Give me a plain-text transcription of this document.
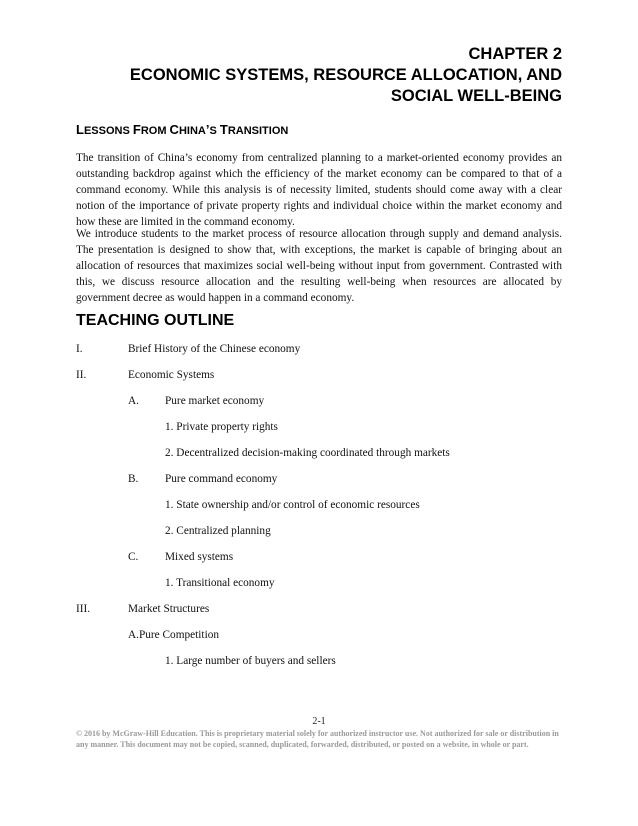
CHAPTER 2
ECONOMIC SYSTEMS, RESOURCE ALLOCATION, AND
SOCIAL WELL-BEING
LESSONS FROM CHINA’S TRANSITION

The transition of China’s economy from centralized planning to a market-oriented economy provides an outstanding backdrop against which the efficiency of the market economy can be compared to that of a command economy. While this analysis is of necessity limited, students should come away with a clear notion of the importance of private property rights and individual choice within the market economy and how these are limited in the command economy.

We introduce students to the market process of resource allocation through supply and demand analysis. The presentation is designed to show that, with exceptions, the market is capable of bringing about an allocation of resources that maximizes social well-being without input from government. Contrasted with this, we discuss resource allocation and the resulting well-being when resources are allocated by government decree as would happen in a command economy.

TEACHING OUTLINE
I.	Brief History of the Chinese economy
II.	Economic Systems
A. Pure market economy
1. Private property rights
2. Decentralized decision-making coordinated through markets
B. Pure command economy
1. State ownership and/or control of economic resources
2. Centralized planning
C. Mixed systems
1. Transitional economy
III.	Market Structures
A.Pure Competition
1. Large number of buyers and sellers
2-1

© 2016 by McGraw-Hill Education. This is proprietary material solely for authorized instructor use. Not authorized for sale or distribution in any manner. This document may not be copied, scanned, duplicated, forwarded, distributed, or posted on a website, in whole or part.
